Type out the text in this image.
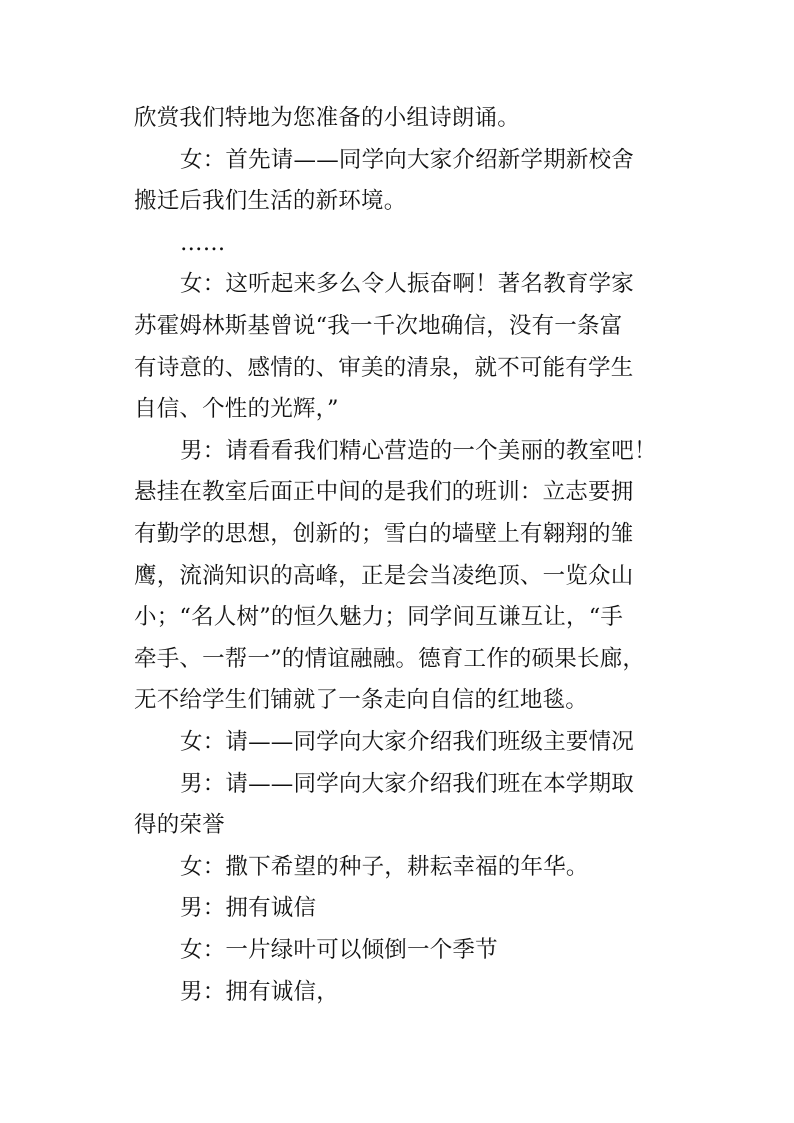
欣赏我们特地为您准备的小组诗朗诵。
女：首先请——同学向大家介绍新学期新校舍
搬迁后我们生活的新环境。
……
女：这听起来多么令人振奋啊！著名教育学家
苏霍姆林斯基曾说“我一千次地确信，没有一条富
有诗意的、感情的、审美的清泉，就不可能有学生
自信、个性的光辉，”
男：请看看我们精心营造的一个美丽的教室吧！
悬挂在教室后面正中间的是我们的班训：立志要拥
有勤学的思想，创新的；雪白的墙壁上有翱翔的雏
鹰，流淌知识的高峰，正是会当凌绝顶、一览众山
小；“名人树”的恒久魅力；同学间互谦互让，“手
牵手、一帮一”的情谊融融。德育工作的硕果长廊，
无不给学生们铺就了一条走向自信的红地毯。
女：请——同学向大家介绍我们班级主要情况
男：请——同学向大家介绍我们班在本学期取
得的荣誉
女：撒下希望的种子，耕耘幸福的年华。
男：拥有诚信
女：一片绿叶可以倾倒一个季节
男：拥有诚信，
